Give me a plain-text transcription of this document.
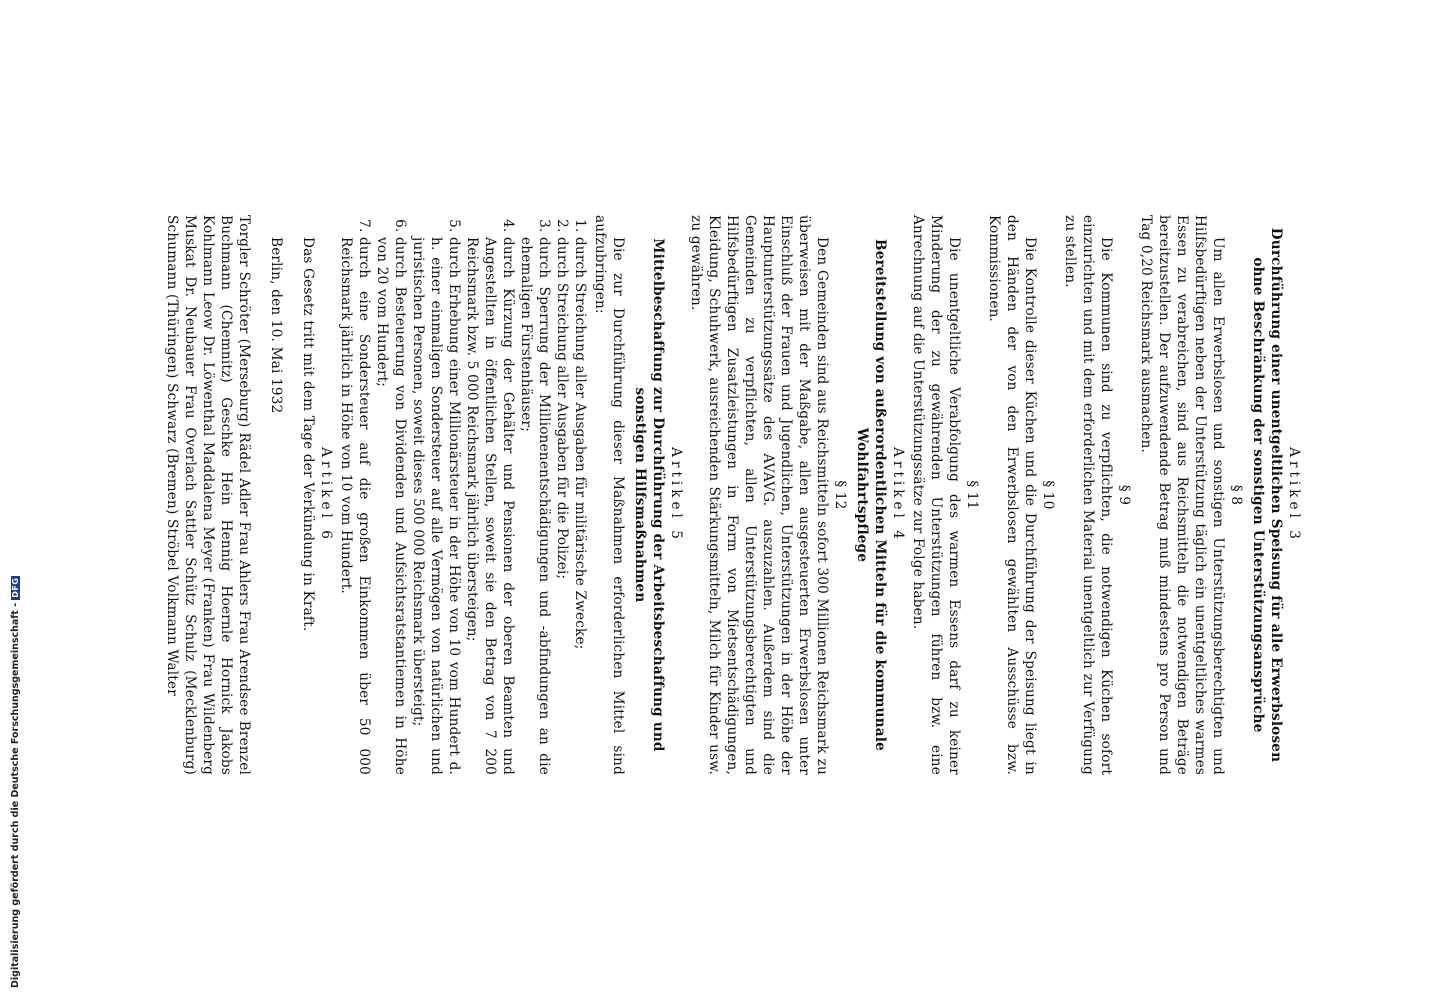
Artikel 3
Durchführung einer unentgeltlichen Speisung für alle Erwerbslosen ohne Beschränkung der sonstigen Unterstützungsansprüche
§ 8

Um allen Erwerbslosen und sonstigen Unterstützungsberechtigten und Hilfsbedürftigen neben der Unterstützung täglich ein unentgeltliches warmes Essen zu verabreichen, sind aus Reichsmitteln die notwendigen Beträge bereitzustellen. Der aufzuwendende Betrag muß mindestens pro Person und Tag 0,20 Reichsmark ausmachen.

§ 9

Die Kommunen sind zu verpflichten, die notwendigen Küchen sofort einzurichten und mit dem erforderlichen Material unentgeltlich zur Verfügung zu stellen.

§ 10

Die Kontrolle dieser Küchen und die Durchführung der Speisung liegt in den Händen der von den Erwerbslosen gewählten Ausschüsse bzw. Kommissionen.

§ 11

Die unentgeltliche Verabfolgung des warmen Essens darf zu keiner Minderung der zu gewährenden Unterstützungen führen bzw. eine Anrechnung auf die Unterstützungssätze zur Folge haben.

Artikel 4
Bereitstellung von außerordentlichen Mitteln für die kommunale Wohlfahrtspflege
§ 12

Den Gemeinden sind aus Reichsmitteln sofort 300 Millionen Reichsmark zu überweisen mit der Maßgabe, allen ausgesteuerten Erwerbslosen unter Einschluß der Frauen und Jugendlichen, Unterstützungen in der Höhe der Hauptunterstützungssätze des AVAVG. auszuzahlen. Außerdem sind die Gemeinden zu verpflichten, allen Unterstützungsberechtigten und Hilfsbedürftigen Zusatzleistungen in Form von Mietsentschädigungen, Kleidung, Schuhwerk, ausreichenden Stärkungsmitteln, Milch für Kinder usw. zu gewähren.

Artikel 5
Mittelbeschaffung zur Durchführung der Arbeitsbeschaffung und sonstigen Hilfsmaßnahmen

Die zur Durchführung dieser Maßnahmen erforderlichen Mittel sind aufzubringen:

1. durch Streichung aller Ausgaben für militärische Zwecke;
2. durch Streichung aller Ausgaben für die Polizei;
3. durch Sperrung der Millionenentschädigungen und -abfindungen an die ehemaligen Fürstenhäuser;
4. durch Kürzung der Gehälter und Pensionen der oberen Beamten und Angestellten in öffentlichen Stellen, soweit sie den Betrag von 7 200 Reichsmark bzw. 5 000 Reichsmark jährlich übersteigen;
5. durch Erhebung einer Millionärsteuer in der Höhe von 10 vom Hundert d. h. einer einmaligen Sondersteuer auf alle Vermögen von natürlichen und juristischen Personen, soweit dieses 500 000 Reichsmark übersteigt;
6. durch Besteuerung von Dividenden und Aufsichtsratstantiemen in Höhe von 20 vom Hundert;
7. durch eine Sondersteuer auf die großen Einkommen über 50 000 Reichsmark jährlich in Höhe von 10 vom Hundert.
Artikel 6

Das Gesetz tritt mit dem Tage der Verkündung in Kraft.

Berlin, den 10. Mai 1932

Torgler Schröter (Merseburg) Rädel Adler Frau Ahlers Frau Arendsee Brenzel Buchmann (Chemnitz) Geschke Hein Hennig Hoernle Hornick Jakobs Kohlmann Leow Dr. Löwenthal Maddalena Meyer (Franken) Frau Wildenberg Muskat Dr. Neubauer Frau Overlach Sattler Schütz Schulz (Mecklenburg) Schumann (Thüringen) Schwarz (Bremen) Ströbel Volkmann Walter

Digitalisierung gefördert durch die Deutsche Forschungsgemeinschaft -DFG
